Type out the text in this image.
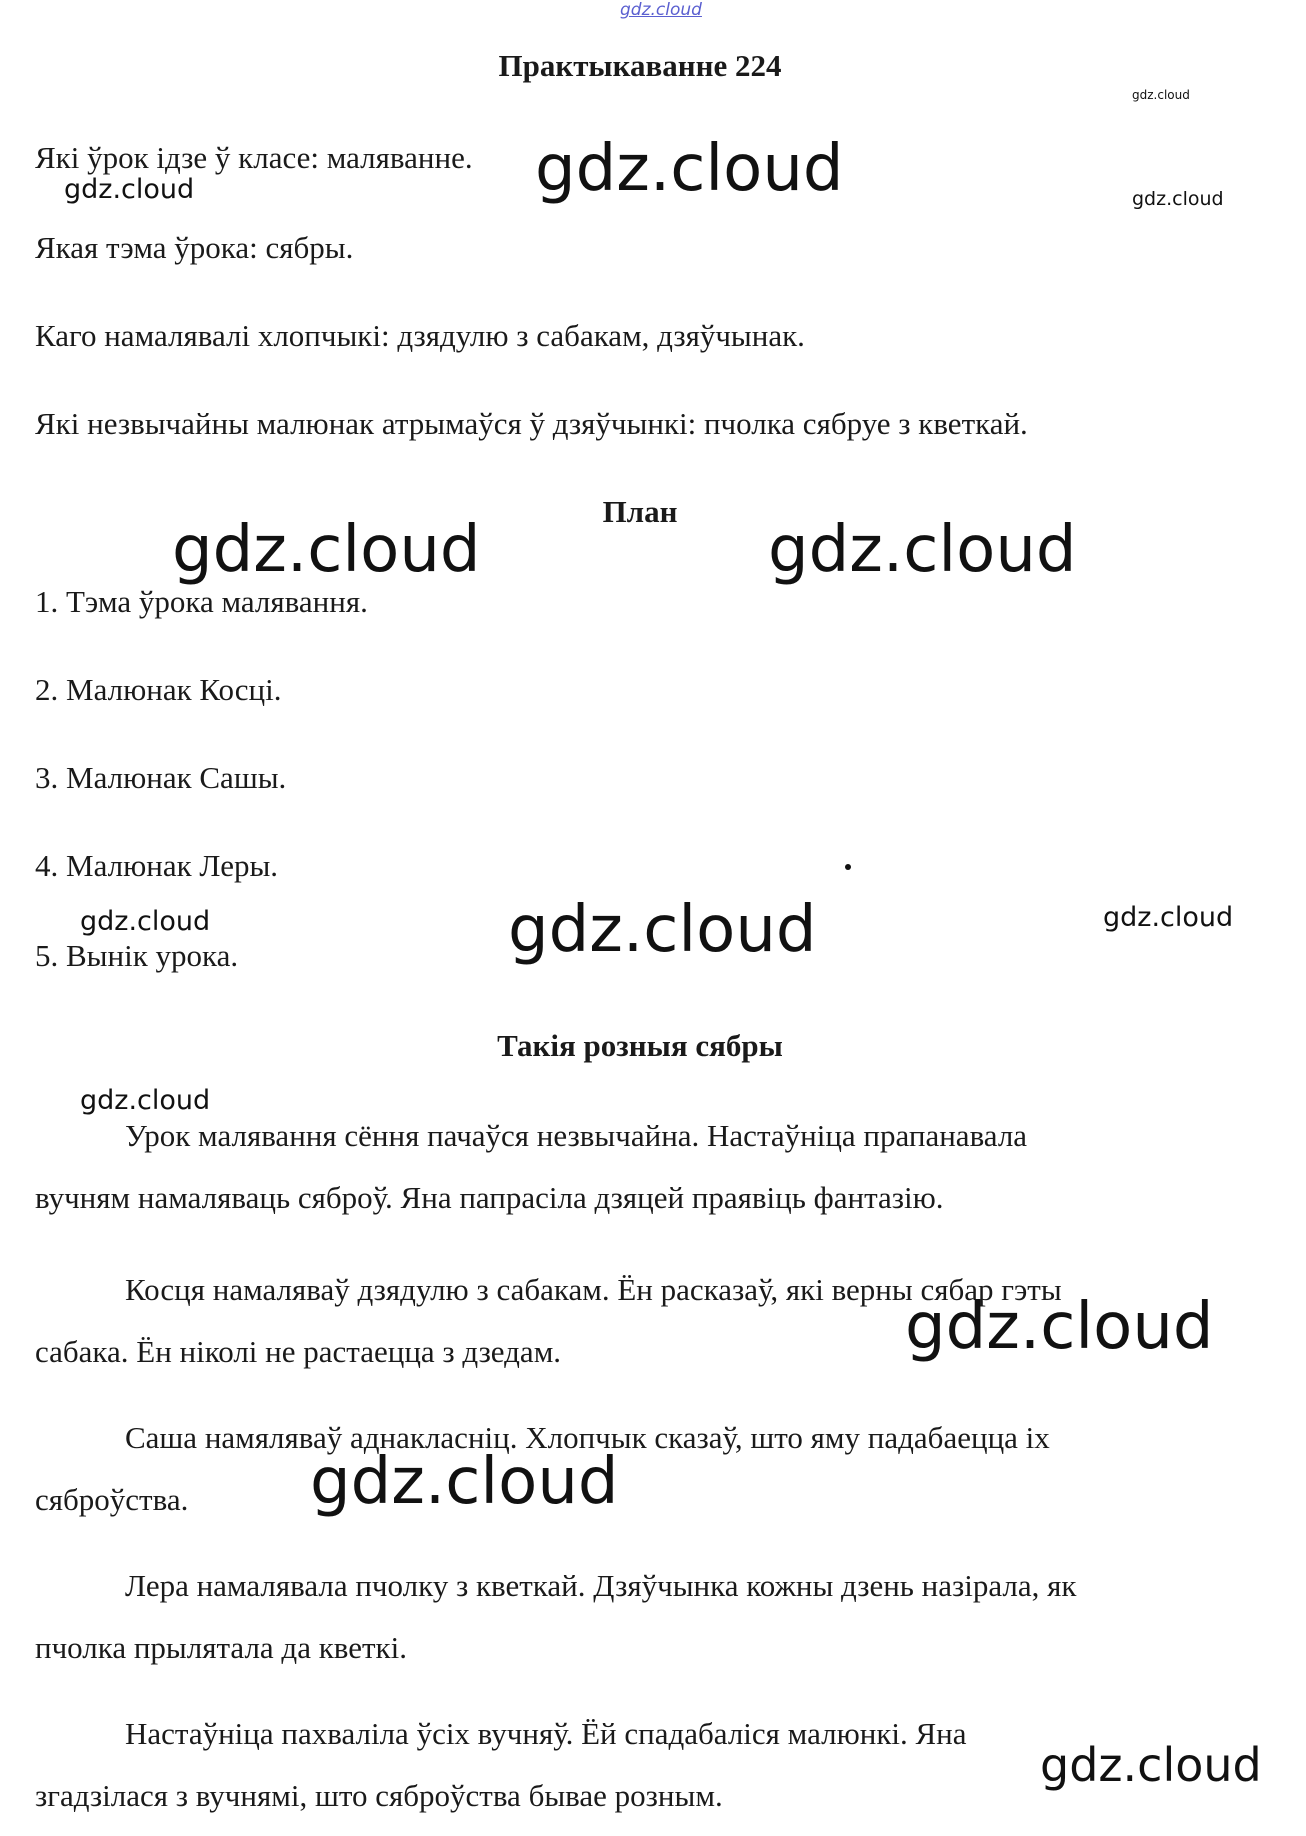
gdz.cloud
Практыкаванне 224
Які ўрок ідзе ў класе: маляванне.
Якая тэма ўрока: сябры.
Каго намалявалі хлопчыкі: дзядулю з сабакам, дзяўчынак.
Які незвычайны малюнак атрымаўся ў дзяўчынкі: пчолка сябруе з кветкай.
План
1. Тэма ўрока малявання.
2. Малюнак Косці.
3. Малюнак Сашы.
4. Малюнак Леры.
5. Вынік урока.
Такія розныя сябры
Урок малявання сёння пачаўся незвычайна. Настаўніца прапанавала
вучням намаляваць сяброў. Яна папрасіла дзяцей праявіць фантазію.
Косця намаляваў дзядулю з сабакам. Ён расказаў, які верны сябар гэты
сабака. Ён ніколі не растаецца з дзедам.
Саша намяляваў аднакласніц. Хлопчык сказаў, што яму падабаецца іх
сяброўства.
Лера намалявала пчолку з кветкай. Дзяўчынка кожны дзень назірала, як
пчолка прылятала да кветкі.
Настаўніца пахваліла ўсіх вучняў. Ёй спадабаліся малюнкі. Яна
згадзілася з вучнямі, што сяброўства бывае розным.
gdz.cloud
gdz.cloud
gdz.cloud	gdz.cloud
gdz.cloud	gdz.cloud
gdz.cloud	gdz.cloud	gdz.cloud
gdz.cloud
gdz.cloud
gdz.cloud
gdz.cloud
